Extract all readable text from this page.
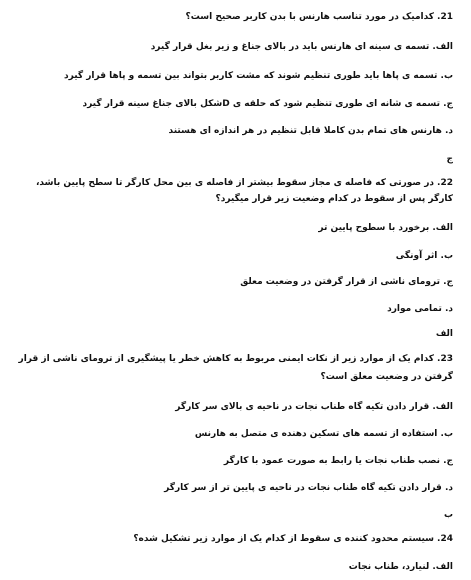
21.کدامیک در مورد تناسب هارنس با بدن کاربر صحیح است؟
الف. تسمه ی سینه ای هارنس باید در بالای جناغ و زیر بغل قرار گیرد
ب. تسمه ی پاها باید طوری تنظیم شوند که مشت کاربر بتواند بین تسمه و پاها قرار گیرد
ج. تسمه ی شانه ای طوری تنظیم شود که حلقه ی Dشکل بالای جناغ سینه قرار گیرد
د. هارنس های تمام بدن کاملا قابل تنظیم در هر اندازه ای هستند
ج
22.در صورتی که فاصله ی مجاز سقوط بیشتر از فاصله ی بین محل کارگر تا سطح پایین باشد،
کارگر پس از سقوط در کدام وضعیت زیر قرار میگیرد؟
الف. برخورد با سطوح پایین تر
ب. اثر آونگی
ج. ترومای ناشی از قرار گرفتن در وضعیت معلق
د. تمامی موارد
الف
23.کدام یک از موارد زیر از نکات ایمنی مربوط به کاهش خطر یا پیشگیری از ترومای ناشی از قرار
گرفتن در وضعیت معلق است؟
الف. قرار دادن تکیه گاه طناب نجات در ناحیه ی بالای سر کارگر
ب. استفاده از تسمه های تسکین دهنده ی متصل به هارنس
ج. نصب طناب نجات یا رابط به صورت عمود با کارگر
د. قرار دادن تکیه گاه طناب نجات در ناحیه ی پایین تر از سر کارگر
ب
24.سیستم محدود کننده ی سقوط از کدام یک از موارد زیر تشکیل شده؟
الف. لنیارد، طناب نجات
